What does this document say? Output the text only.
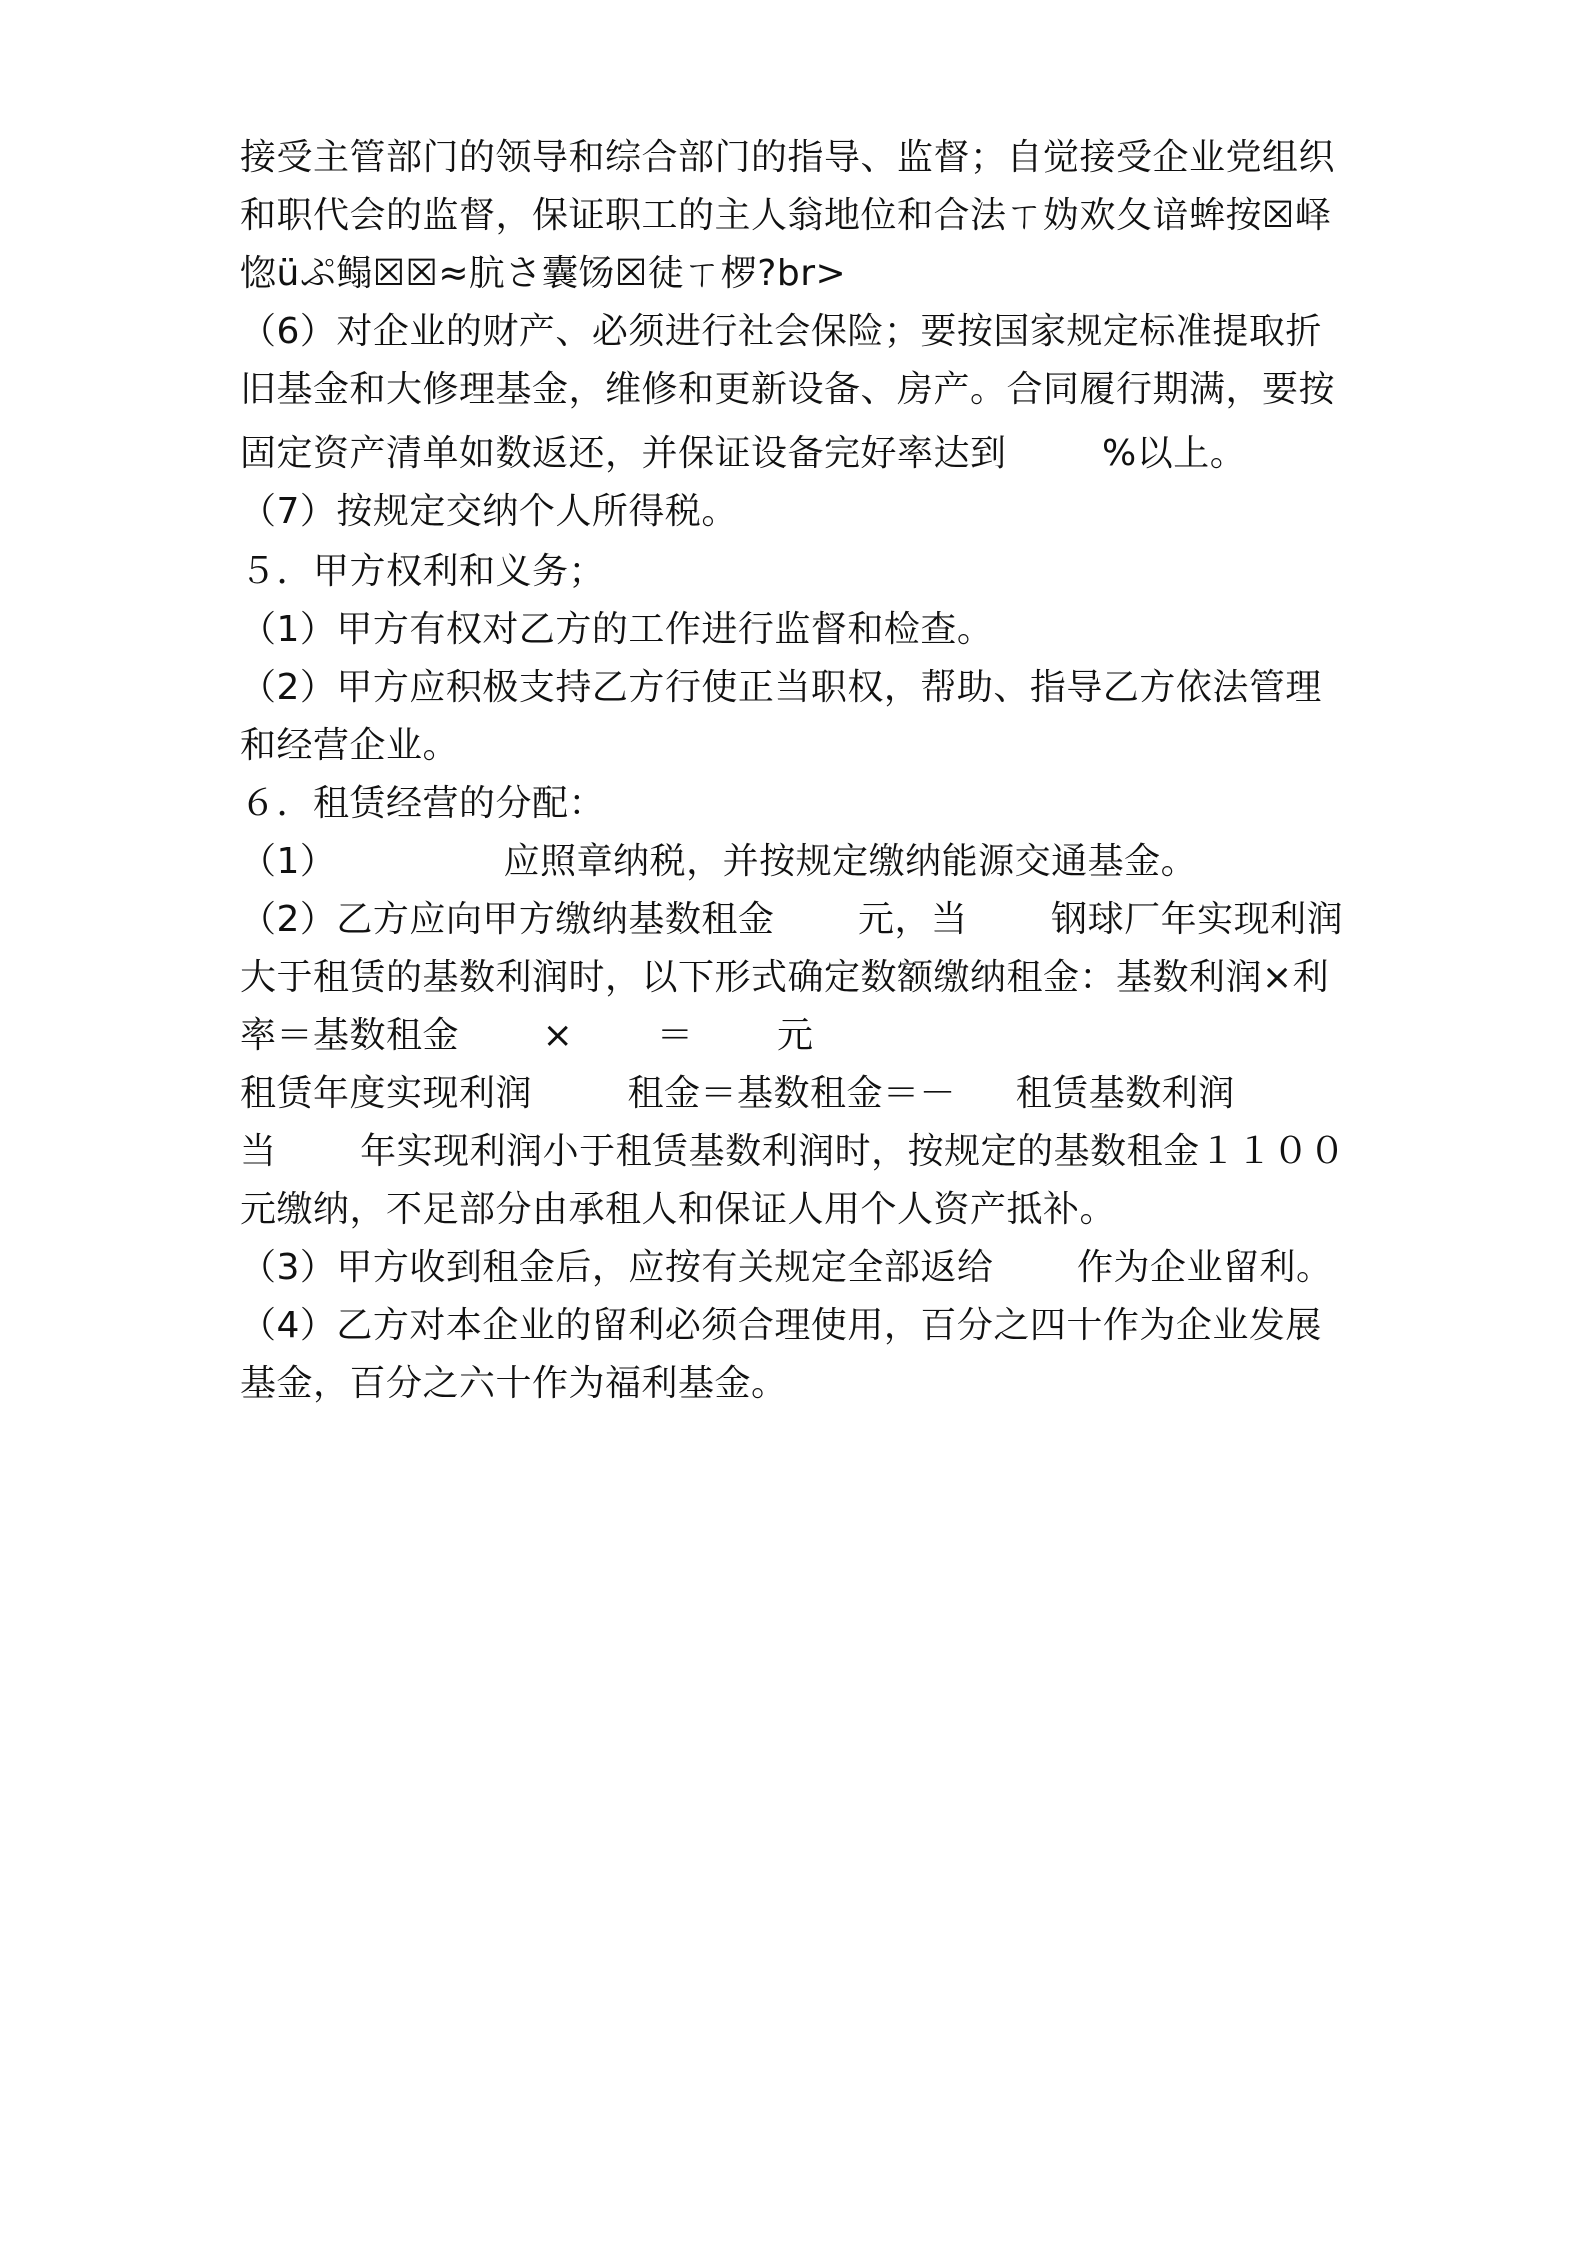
接受主管部门的领导和综合部门的指导、监督；自觉接受企业党组织
和职代会的监督，保证职工的主人翁地位和合法ㄒ妫欢夂谙蛑按☒峄
惚üぷ鳎☒☒≈肮さ囊饧☒徒ㄒ椤?br>
（6）对企业的财产、必须进行社会保险；要按国家规定标准提取折
旧基金和大修理基金，维修和更新设备、房产。合同履行期满，要按
固定资产清单如数返还，并保证设备完好率达到        %以上。
（7）按规定交纳个人所得税。
５．甲方权利和义务；
（1）甲方有权对乙方的工作进行监督和检查。
（2）甲方应积极支持乙方行使正当职权，帮助、指导乙方依法管理
和经营企业。
６．租赁经营的分配：
（1）              应照章纳税，并按规定缴纳能源交通基金。
（2）乙方应向甲方缴纳基数租金       元，当       钢球厂年实现利润
大于租赁的基数利润时，以下形式确定数额缴纳租金：基数利润×利
率＝基数租金       ×       ＝       元
租赁年度实现利润        租金＝基数租金＝－     租赁基数利润
当       年实现利润小于租赁基数利润时，按规定的基数租金１１００
元缴纳，不足部分由承租人和保证人用个人资产抵补。
（3）甲方收到租金后，应按有关规定全部返给       作为企业留利。
（4）乙方对本企业的留利必须合理使用，百分之四十作为企业发展
基金，百分之六十作为福利基金。
